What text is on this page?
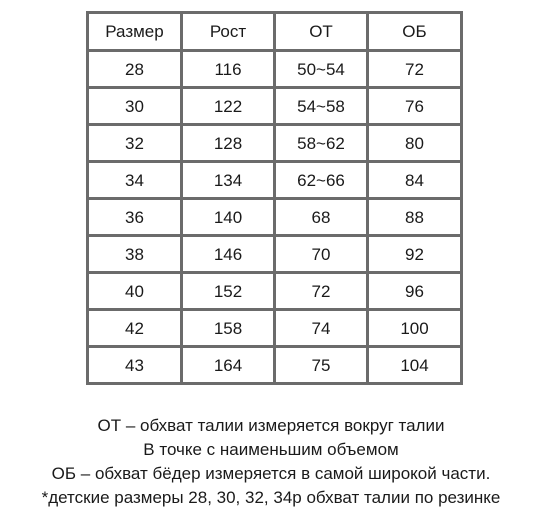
Размер	Рост	ОТ	ОБ
28	116	50~54	72
30	122	54~58	76
32	128	58~62	80
34	134	62~66	84
36	140	68	88
38	146	70	92
40	152	72	96
42	158	74	100
43	164	75	104

ОТ – обхват талии измеряется вокруг талии

В точке с наименьшим объемом

ОБ – обхват бёдер измеряется в самой широкой части.

*детские размеры 28, 30, 32, 34р обхват талии по резинке
